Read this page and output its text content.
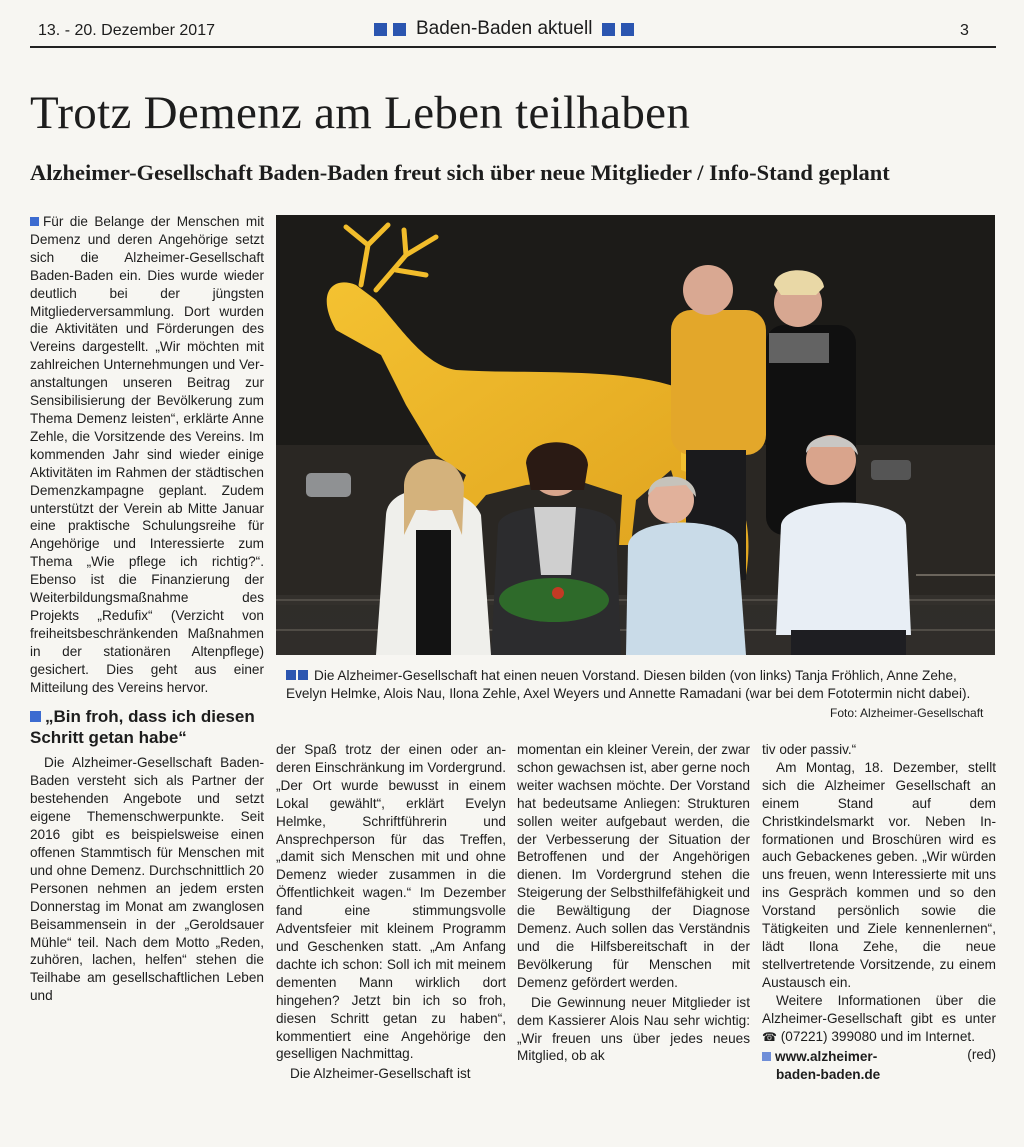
13. - 20. Dezember 2017	Baden-Baden aktuell	3
Trotz Demenz am Leben teilhaben
Alzheimer-Gesellschaft Baden-Baden freut sich über neue Mitglieder / Info-Stand geplant

Für die Belange der Menschen mit Demenz und deren Angehörige setzt sich die Alzheimer-Gesellschaft Baden-Baden ein. Dies wurde wieder deutlich bei der jüngsten Mitgliederversammlung. Dort wurden die Aktivitäten und Förderungen des Vereins dargestellt. „Wir möchten mit zahlreichen Unternehmungen und Veranstaltungen unseren Beitrag zur Sensibilisierung der Bevölkerung zum Thema Demenz leisten“, erklärte Anne Zehle, die Vorsitzende des Vereins. Im kommenden Jahr sind wieder einige Aktivitäten im Rahmen der städtischen Demenzkampagne geplant. Zudem unterstützt der Verein ab Mitte Januar eine praktische Schulungsreihe für Angehörige und Interessierte zum Thema „Wie pflege ich richtig?“. Ebenso ist die Finanzierung der Weiterbildungsmaßnahme des Projekts „Redufix“ (Verzicht von freiheitsbeschränkenden Maßnahmen in der stationären Altenpflege) gesichert. Dies geht aus einer Mitteilung des Vereins hervor.

„Bin froh, dass ich diesen Schritt getan habe“

Die Alzheimer-Gesellschaft Baden-Baden versteht sich als Partner der bestehenden Angebote und setzt eigene Themenschwerpunkte. Seit 2016 gibt es beispielsweise einen offenen Stammtisch für Menschen mit und ohne Demenz. Durchschnittlich 20 Personen nehmen an jedem ersten Donnerstag im Monat am zwanglosen Beisammensein in der „Geroldsauer Mühle“ teil. Nach dem Motto „Reden, zuhören, lachen, helfen“ stehen die Teilhabe am gesellschaftlichen Leben und

Die Alzheimer-Gesellschaft hat einen neuen Vorstand. Diesen bilden (von links) Tanja Fröhlich, Anne Zehe, Evelyn Helmke, Alois Nau, Ilona Zehle, Axel Weyers und Annette Ramadani (war bei dem Fototermin nicht dabei).
Foto: Alzheimer-Gesellschaft

der Spaß trotz der einen oder anderen Einschränkung im Vordergrund. „Der Ort wurde bewusst in einem Lokal gewählt“, erklärt Evelyn Helmke, Schriftführerin und Ansprechperson für das Treffen, „damit sich Menschen mit und ohne Demenz wieder zusammen in die Öffentlichkeit wagen.“ Im Dezember fand eine stimmungsvolle Adventsfeier mit kleinem Programm und Geschenken statt. „Am Anfang dachte ich schon: Soll ich mit meinem dementen Mann wirklich dort hingehen? Jetzt bin ich so froh, diesen Schritt getan zu haben“, kommentiert eine Angehörige den geselligen Nachmittag.

Die Alzheimer-Gesellschaft ist

momentan ein kleiner Verein, der zwar schon gewachsen ist, aber gerne noch weiter wachsen möchte. Der Vorstand hat bedeutsame Anliegen: Strukturen sollen weiter aufgebaut werden, die der Verbesserung der Situation der Betroffenen und der Angehörigen dienen. Im Vordergrund stehen die Steigerung der Selbsthilfefähigkeit und die Bewältigung der Diagnose Demenz. Auch sollen das Verständnis und die Hilfsbereitschaft in der Bevölkerung für Menschen mit Demenz gefördert werden.

Die Gewinnung neuer Mitglieder ist dem Kassierer Alois Nau sehr wichtig: „Wir freuen uns über jedes neues Mitglied, ob ak

tiv oder passiv.“

Am Montag, 18. Dezember, stellt sich die Alzheimer Gesellschaft an einem Stand auf dem Christkindelsmarkt vor. Neben Informationen und Broschüren wird es auch Gebackenes geben. „Wir würden uns freuen, wenn Interessierte mit uns ins Gespräch kommen und so den Vorstand persönlich sowie die Tätigkeiten und Ziele kennenlernen“, lädt Ilona Zehe, die neue stellvertretende Vorsitzende, zu einem Austausch ein.

Weitere Informationen über die Alzheimer-Gesellschaft gibt es unter ☎ (07221) 399080 und im Internet.
(red)

www.alzheimer-
baden-baden.de
